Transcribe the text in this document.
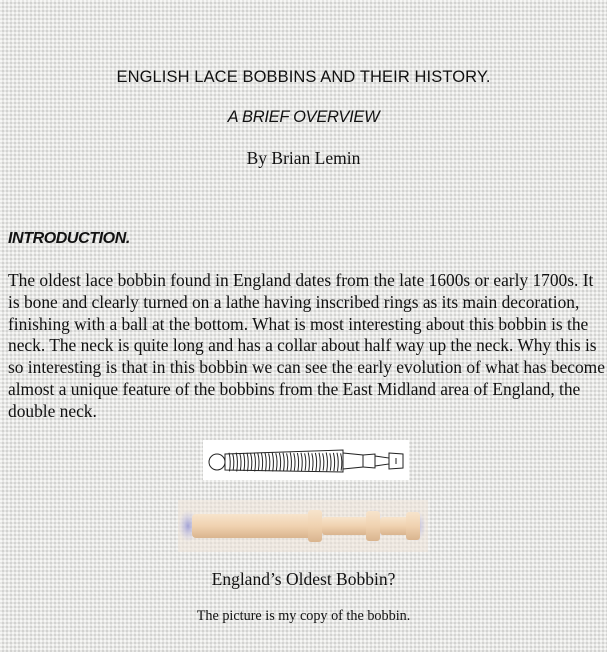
ENGLISH LACE BOBBINS AND THEIR HISTORY.
A BRIEF OVERVIEW
By Brian Lemin
INTRODUCTION.

The oldest lace bobbin found in England dates from the late 1600s or early 1700s. It is bone and clearly turned on a lathe having inscribed rings as its main decoration, finishing with a ball at the bottom. What is most interesting about this bobbin is the neck. The neck is quite long and has a collar about half way up the neck. Why this is so interesting is that in this bobbin we can see the early evolution of what has become almost a unique feature of the bobbins from the East Midland area of England, the double neck.

England’s Oldest Bobbin?
The picture is my copy of the bobbin.
